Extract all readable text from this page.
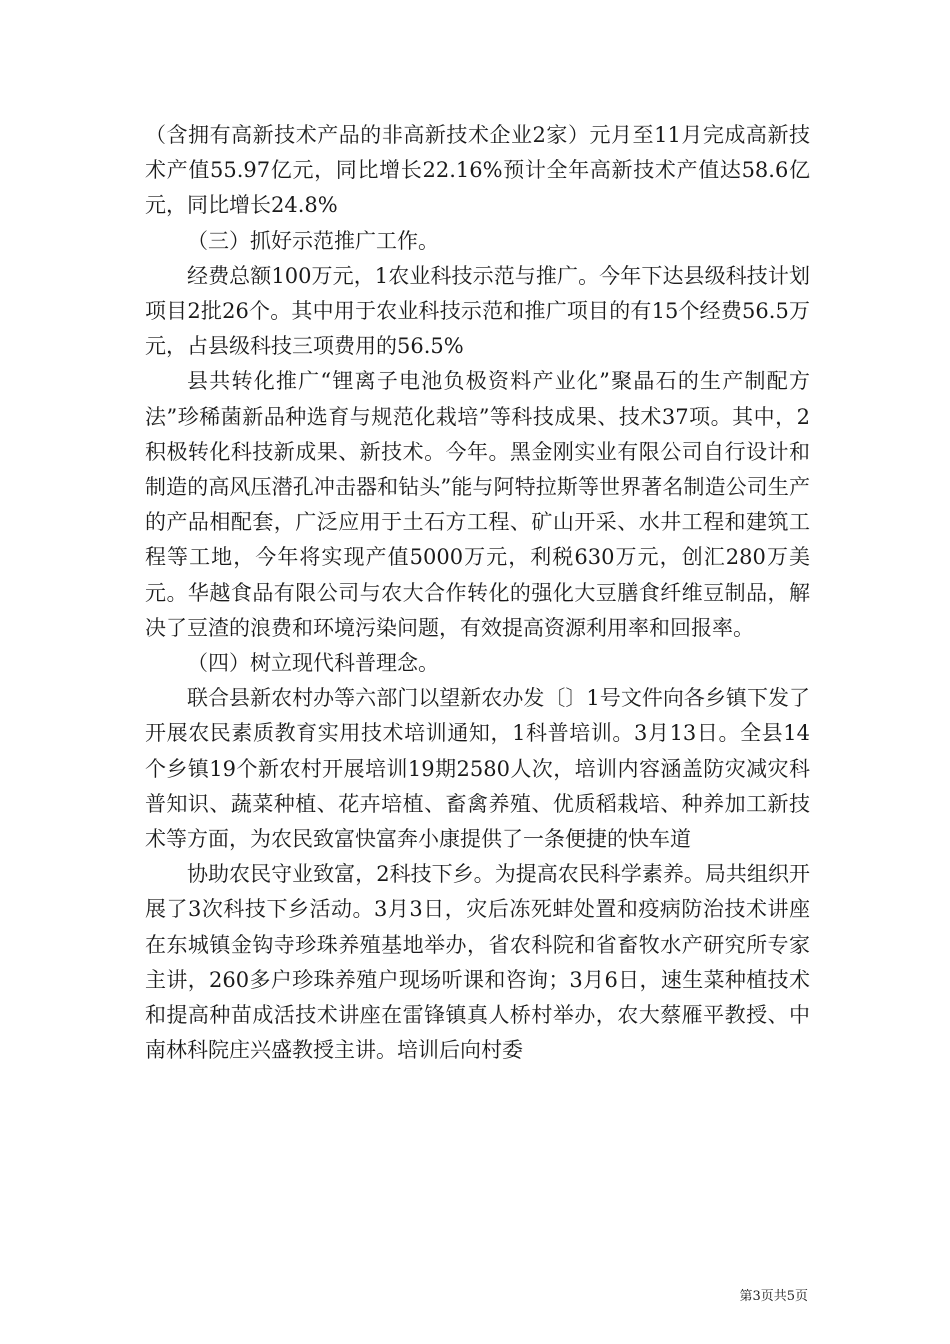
（含拥有高新技术产品的非高新技术企业2家）元月至11月完成高新技术产值55.97亿元，同比增长22.16%预计全年高新技术产值达58.6亿元，同比增长24.8%

（三）抓好示范推广工作。

经费总额100万元，1农业科技示范与推广。今年下达县级科技计划项目2批26个。其中用于农业科技示范和推广项目的有15个经费56.5万元，占县级科技三项费用的56.5%

县共转化推广“锂离子电池负极资料产业化”聚晶石的生产制配方法”珍稀菌新品种选育与规范化栽培”等科技成果、技术37项。其中，2积极转化科技新成果、新技术。今年。黑金刚实业有限公司自行设计和制造的高风压潜孔冲击器和钻头”能与阿特拉斯等世界著名制造公司生产的产品相配套，广泛应用于土石方工程、矿山开采、水井工程和建筑工程等工地，今年将实现产值5000万元，利税630万元，创汇280万美元。华越食品有限公司与农大合作转化的强化大豆膳食纤维豆制品，解决了豆渣的浪费和环境污染问题，有效提高资源利用率和回报率。

（四）树立现代科普理念。

联合县新农村办等六部门以望新农办发〔〕1号文件向各乡镇下发了开展农民素质教育实用技术培训通知，1科普培训。3月13日。全县14个乡镇19个新农村开展培训19期2580人次，培训内容涵盖防灾减灾科普知识、蔬菜种植、花卉培植、畜禽养殖、优质稻栽培、种养加工新技术等方面，为农民致富快富奔小康提供了一条便捷的快车道

协助农民守业致富，2科技下乡。为提高农民科学素养。局共组织开展了3次科技下乡活动。3月3日，灾后冻死蚌处置和疫病防治技术讲座在东城镇金钩寺珍珠养殖基地举办，省农科院和省畜牧水产研究所专家主讲，260多户珍珠养殖户现场听课和咨询；3月6日，速生菜种植技术和提高种苗成活技术讲座在雷锋镇真人桥村举办，农大蔡雁平教授、中南林科院庄兴盛教授主讲。培训后向村委

第3页共5页
